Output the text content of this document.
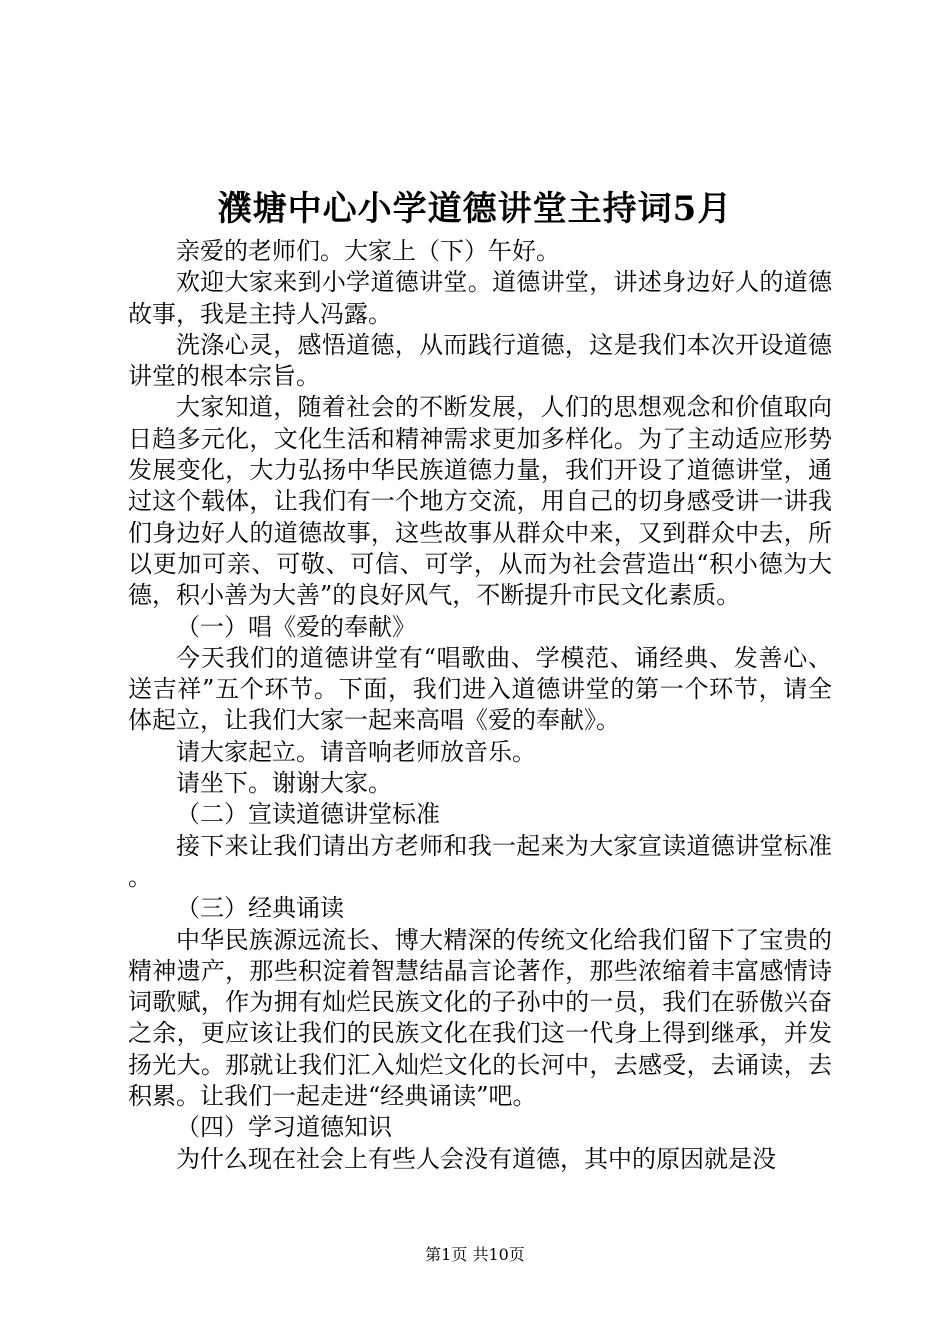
濮塘中心小学道德讲堂主持词5月

亲爱的老师们。大家上（下）午好。

欢迎大家来到小学道德讲堂。道德讲堂，讲述身边好人的道德故事，我是主持人冯露。

洗涤心灵，感悟道德，从而践行道德，这是我们本次开设道德讲堂的根本宗旨。

大家知道，随着社会的不断发展，人们的思想观念和价值取向日趋多元化，文化生活和精神需求更加多样化。为了主动适应形势发展变化，大力弘扬中华民族道德力量，我们开设了道德讲堂，通过这个载体，让我们有一个地方交流，用自己的切身感受讲一讲我们身边好人的道德故事，这些故事从群众中来，又到群众中去，所以更加可亲、可敬、可信、可学，从而为社会营造出“积小德为大德，积小善为大善”的良好风气，不断提升市民文化素质。

（一）唱《爱的奉献》

今天我们的道德讲堂有“唱歌曲、学模范、诵经典、发善心、送吉祥”五个环节。下面，我们进入道德讲堂的第一个环节，请全体起立，让我们大家一起来高唱《爱的奉献》。

请大家起立。请音响老师放音乐。

请坐下。谢谢大家。

（二）宣读道德讲堂标准

接下来让我们请出方老师和我一起来为大家宣读道德讲堂标准。

（三）经典诵读

中华民族源远流长、博大精深的传统文化给我们留下了宝贵的精神遗产，那些积淀着智慧结晶言论著作，那些浓缩着丰富感情诗词歌赋，作为拥有灿烂民族文化的子孙中的一员，我们在骄傲兴奋之余，更应该让我们的民族文化在我们这一代身上得到继承，并发扬光大。那就让我们汇入灿烂文化的长河中，去感受，去诵读，去积累。让我们一起走进“经典诵读”吧。

（四）学习道德知识

为什么现在社会上有些人会没有道德，其中的原因就是没

第1页 共10页
